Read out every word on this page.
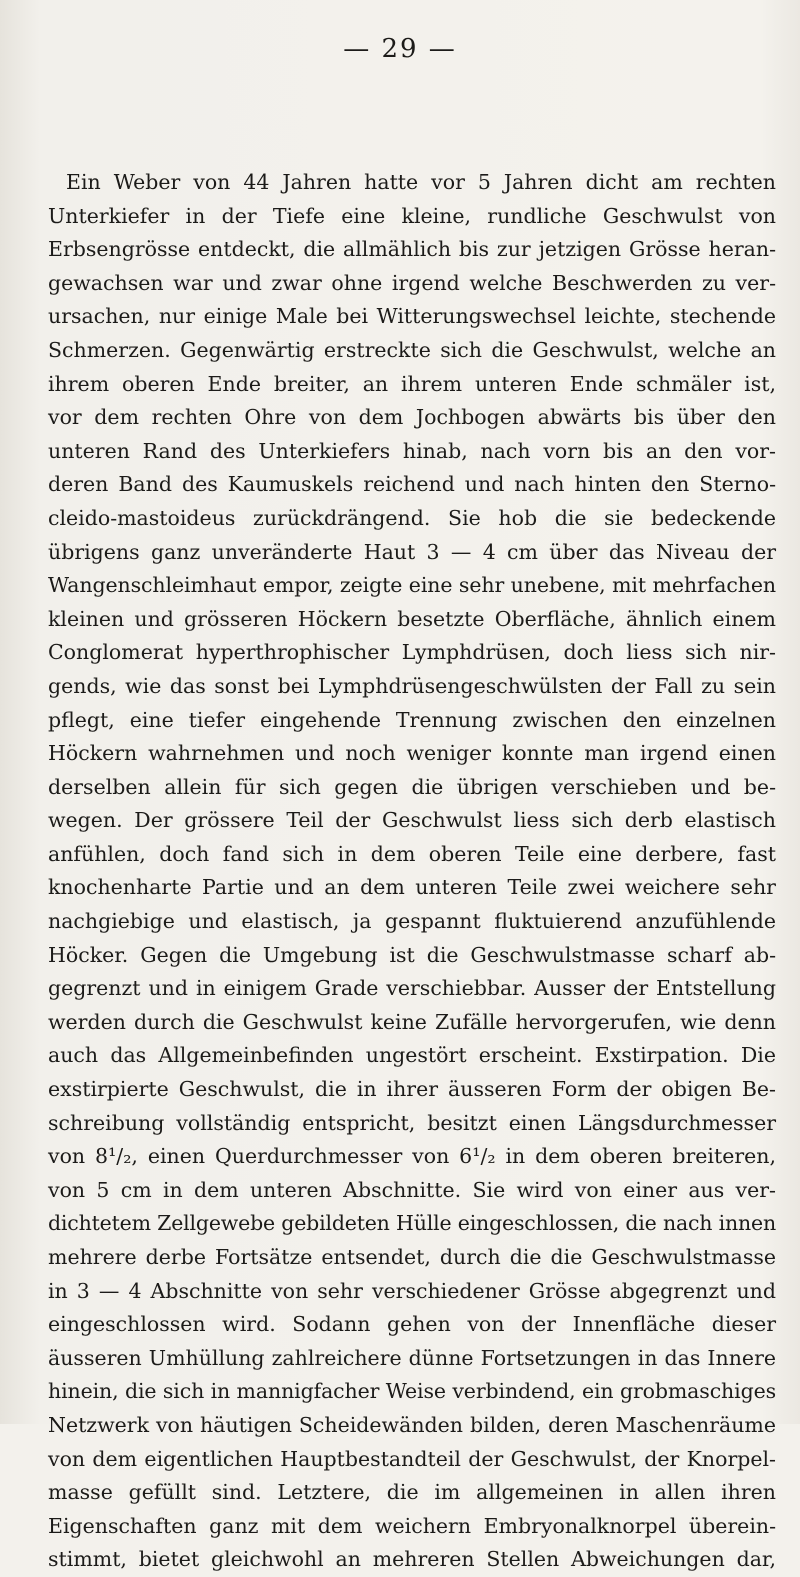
— 29 —
Ein Weber von 44 Jahren hatte vor 5 Jahren dicht am rechten
Unterkiefer in der Tiefe eine kleine, rundliche Geschwulst von
Erbsengrösse entdeckt, die allmählich bis zur jetzigen Grösse heran-
gewachsen war und zwar ohne irgend welche Beschwerden zu ver-
ursachen, nur einige Male bei Witterungswechsel leichte, stechende
Schmerzen. Gegenwärtig erstreckte sich die Geschwulst, welche an
ihrem oberen Ende breiter, an ihrem unteren Ende schmäler ist,
vor dem rechten Ohre von dem Jochbogen abwärts bis über den
unteren Rand des Unterkiefers hinab, nach vorn bis an den vor-
deren Band des Kaumuskels reichend und nach hinten den Sterno-
cleido-mastoideus zurückdrängend. Sie hob die sie bedeckende
übrigens ganz unveränderte Haut 3 — 4 cm über das Niveau der
Wangenschleimhaut empor, zeigte eine sehr unebene, mit mehrfachen
kleinen und grösseren Höckern besetzte Oberfläche, ähnlich einem
Conglomerat hyperthrophischer Lymphdrüsen, doch liess sich nir-
gends, wie das sonst bei Lymphdrüsengeschwülsten der Fall zu sein
pflegt, eine tiefer eingehende Trennung zwischen den einzelnen
Höckern wahrnehmen und noch weniger konnte man irgend einen
derselben allein für sich gegen die übrigen verschieben und be-
wegen. Der grössere Teil der Geschwulst liess sich derb elastisch
anfühlen, doch fand sich in dem oberen Teile eine derbere, fast
knochenharte Partie und an dem unteren Teile zwei weichere sehr
nachgiebige und elastisch, ja gespannt fluktuierend anzufühlende
Höcker. Gegen die Umgebung ist die Geschwulstmasse scharf ab-
gegrenzt und in einigem Grade verschiebbar. Ausser der Entstellung
werden durch die Geschwulst keine Zufälle hervorgerufen, wie denn
auch das Allgemeinbefinden ungestört erscheint. Exstirpation. Die
exstirpierte Geschwulst, die in ihrer äusseren Form der obigen Be-
schreibung vollständig entspricht, besitzt einen Längsdurchmesser
von 8¹/₂, einen Querdurchmesser von 6¹/₂ in dem oberen breiteren,
von 5 cm in dem unteren Abschnitte. Sie wird von einer aus ver-
dichtetem Zellgewebe gebildeten Hülle eingeschlossen, die nach innen
mehrere derbe Fortsätze entsendet, durch die die Geschwulstmasse
in 3 — 4 Abschnitte von sehr verschiedener Grösse abgegrenzt und
eingeschlossen wird. Sodann gehen von der Innenfläche dieser
äusseren Umhüllung zahlreichere dünne Fortsetzungen in das Innere
hinein, die sich in mannigfacher Weise verbindend, ein grobmaschiges
Netzwerk von häutigen Scheidewänden bilden, deren Maschenräume
von dem eigentlichen Hauptbestandteil der Geschwulst, der Knorpel-
masse gefüllt sind. Letztere, die im allgemeinen in allen ihren
Eigenschaften ganz mit dem weichern Embryonalknorpel überein-
stimmt, bietet gleichwohl an mehreren Stellen Abweichungen dar,
